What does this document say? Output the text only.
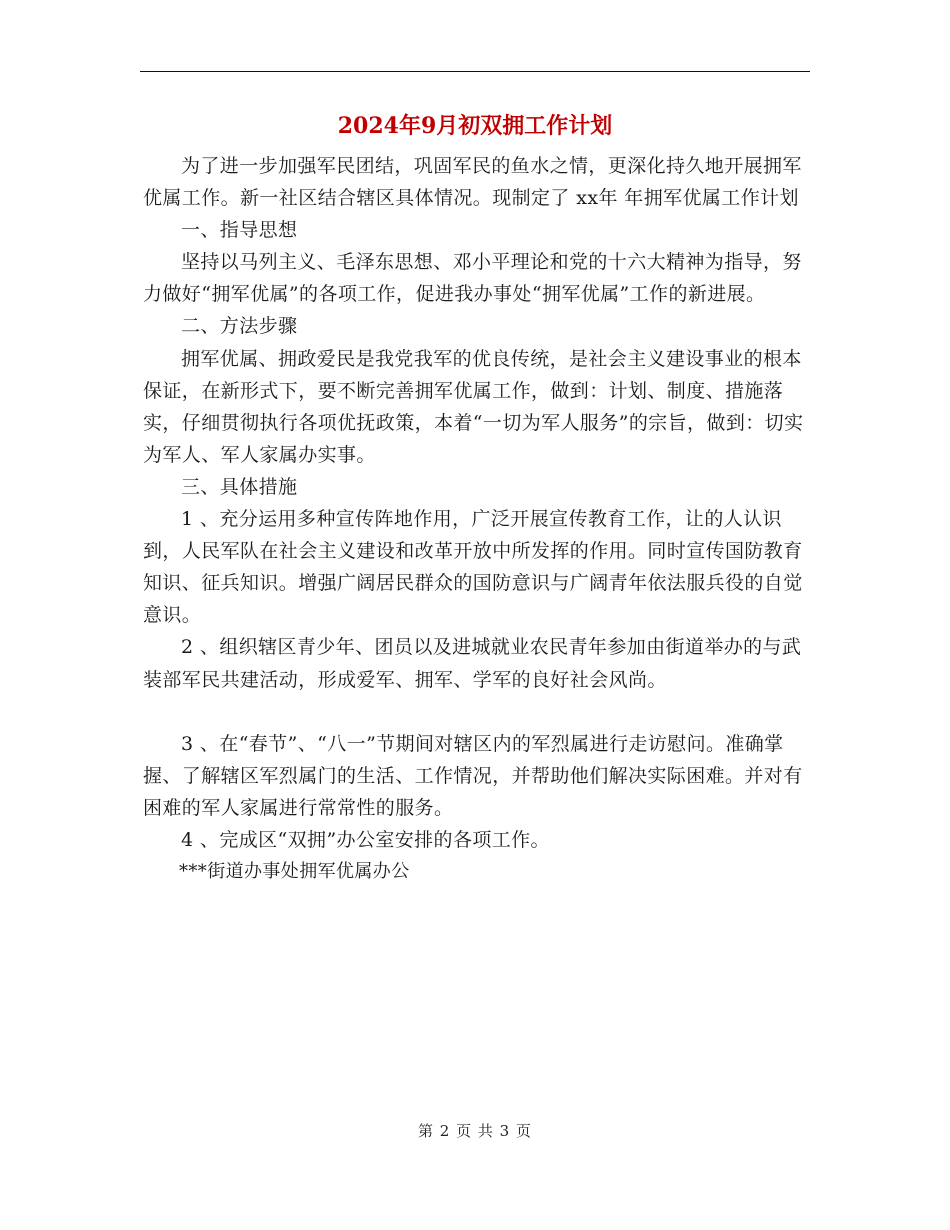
2024年9月初双拥工作计划

为了进一步加强军民团结，巩固军民的鱼水之情，更深化持久地开展拥军优属工作。新一社区结合辖区具体情况。现制定了 xx年 年拥军优属工作计划

一、指导思想

坚持以马列主义、毛泽东思想、邓小平理论和党的十六大精神为指导，努力做好“拥军优属”的各项工作，促进我办事处“拥军优属”工作的新进展。

二、方法步骤

拥军优属、拥政爱民是我党我军的优良传统，是社会主义建设事业的根本保证，在新形式下，要不断完善拥军优属工作，做到：计划、制度、措施落实，仔细贯彻执行各项优抚政策，本着“一切为军人服务”的宗旨，做到：切实为军人、军人家属办实事。

三、具体措施

1 、充分运用多种宣传阵地作用，广泛开展宣传教育工作，让的人认识到，人民军队在社会主义建设和改革开放中所发挥的作用。同时宣传国防教育知识、征兵知识。增强广阔居民群众的国防意识与广阔青年依法服兵役的自觉意识。

2 、组织辖区青少年、团员以及进城就业农民青年参加由街道举办的与武装部军民共建活动，形成爱军、拥军、学军的良好社会风尚。

3 、在“春节”、“八一”节期间对辖区内的军烈属进行走访慰问。准确掌握、了解辖区军烈属门的生活、工作情况，并帮助他们解决实际困难。并对有困难的军人家属进行常常性的服务。

4 、完成区“双拥”办公室安排的各项工作。

***街道办事处拥军优属办公

第 2 页 共 3 页
